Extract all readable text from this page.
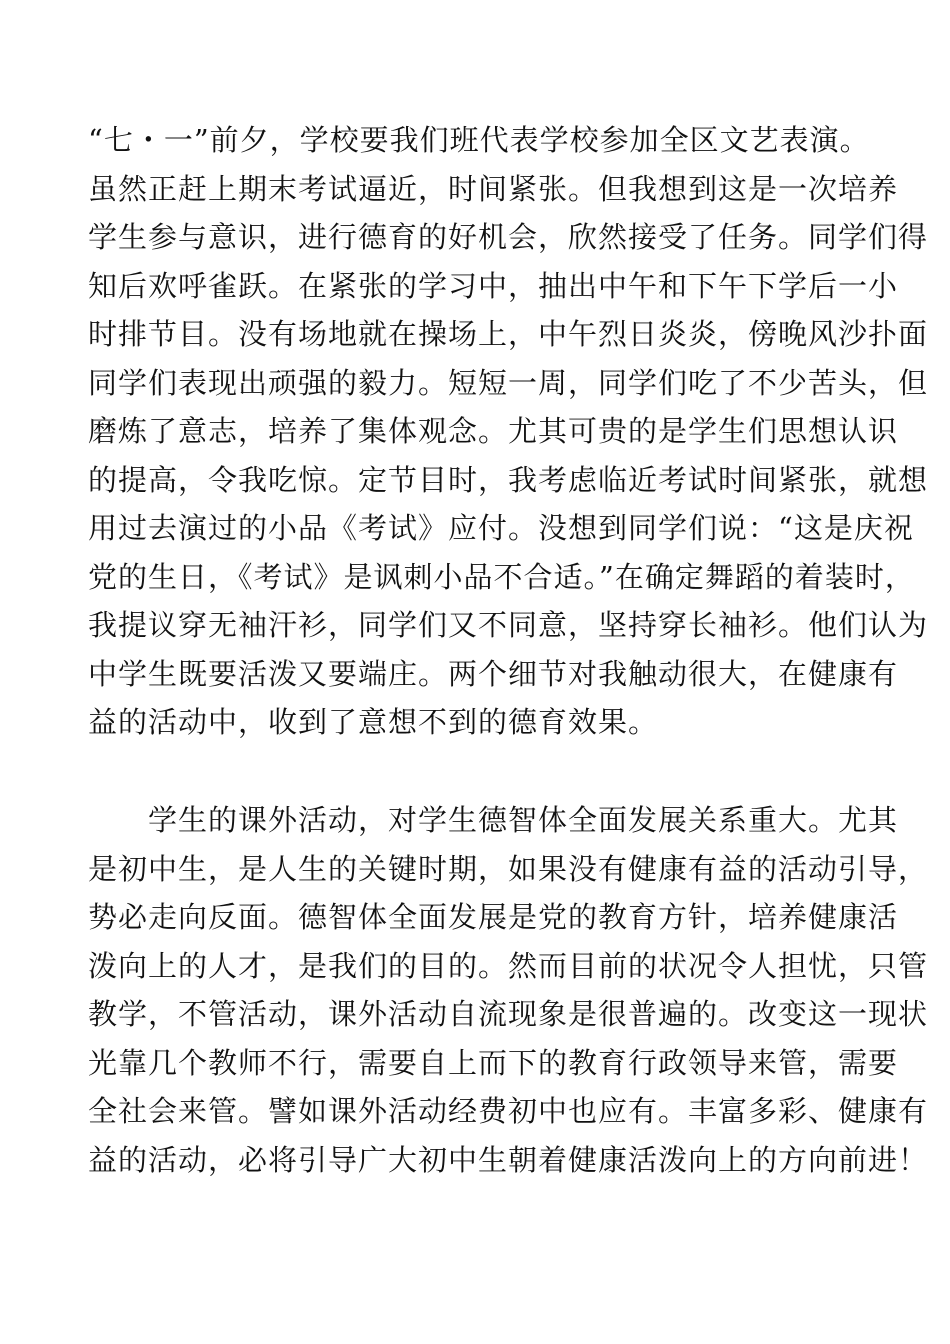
“七・一”前夕，学校要我们班代表学校参加全区文艺表演。
虽然正赶上期末考试逼近，时间紧张。但我想到这是一次培养
学生参与意识，进行德育的好机会，欣然接受了任务。同学们得
知后欢呼雀跃。在紧张的学习中，抽出中午和下午下学后一小
时排节目。没有场地就在操场上，中午烈日炎炎，傍晚风沙扑面
同学们表现出顽强的毅力。短短一周，同学们吃了不少苦头，但
磨炼了意志，培养了集体观念。尤其可贵的是学生们思想认识
的提高，令我吃惊。定节目时，我考虑临近考试时间紧张，就想
用过去演过的小品《考试》应付。没想到同学们说：“这是庆祝
党的生日，《考试》是讽刺小品不合适。”在确定舞蹈的着装时，
我提议穿无袖汗衫，同学们又不同意，坚持穿长袖衫。他们认为
中学生既要活泼又要端庄。两个细节对我触动很大，在健康有
益的活动中，收到了意想不到的德育效果。
　　学生的课外活动，对学生德智体全面发展关系重大。尤其
是初中生，是人生的关键时期，如果没有健康有益的活动引导，
势必走向反面。德智体全面发展是党的教育方针，培养健康活
泼向上的人才，是我们的目的。然而目前的状况令人担忧，只管
教学，不管活动，课外活动自流现象是很普遍的。改变这一现状
光靠几个教师不行，需要自上而下的教育行政领导来管，需要
全社会来管。譬如课外活动经费初中也应有。丰富多彩、健康有
益的活动，必将引导广大初中生朝着健康活泼向上的方向前进！
